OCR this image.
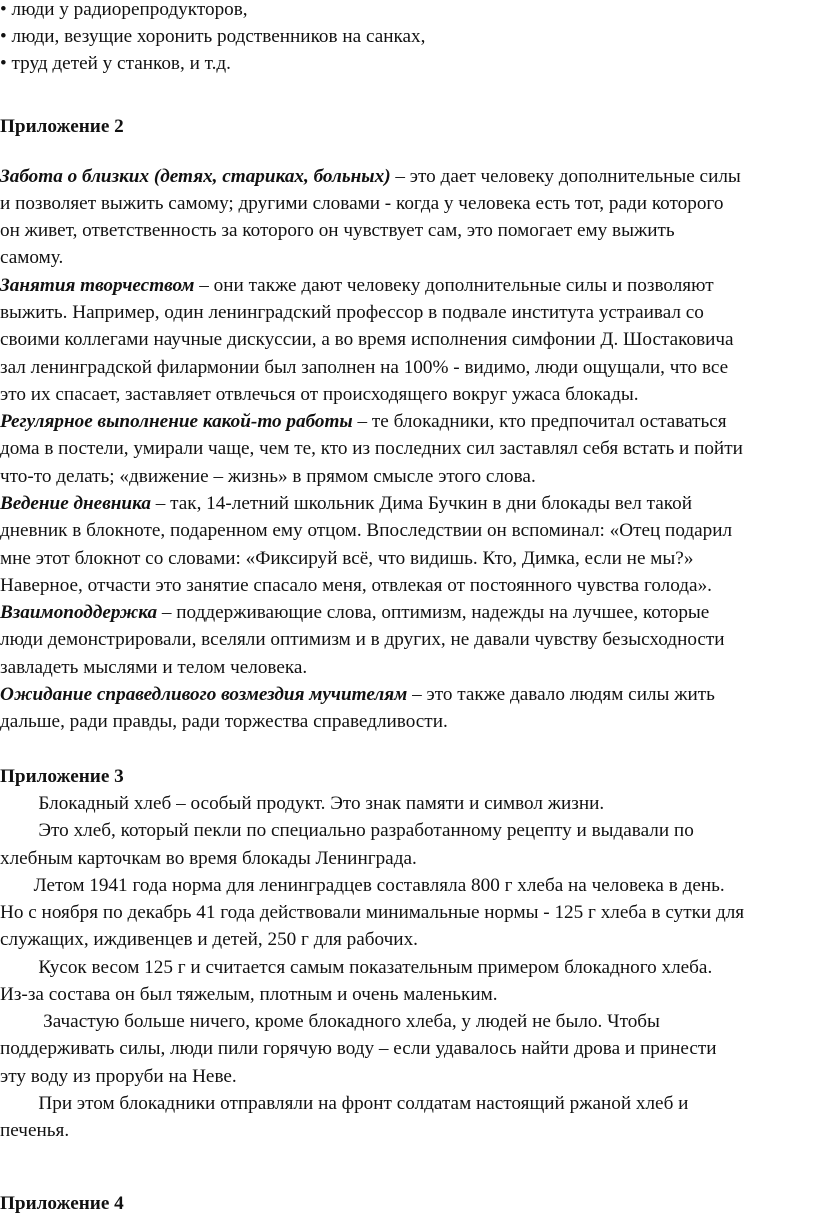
• люди у радиорепродукторов,

• люди, везущие хоронить родственников на санках,

• труд детей у станков, и т.д.

Приложение 2

Забота о близких (детях, стариках, больных) – это дает человеку дополнительные силы

и позволяет выжить самому; другими словами - когда у человека есть тот, ради которого

он живет, ответственность за которого он чувствует сам, это помогает ему выжить

самому.

Занятия творчеством – они также дают человеку дополнительные силы и позволяют

выжить. Например, один ленинградский профессор в подвале института устраивал со

своими коллегами научные дискуссии, а во время исполнения симфонии Д. Шостаковича

зал ленинградской филармонии был заполнен на 100% - видимо, люди ощущали, что все

это их спасает, заставляет отвлечься от происходящего вокруг ужаса блокады.

Регулярное выполнение какой-то работы – те блокадники, кто предпочитал оставаться

дома в постели, умирали чаще, чем те, кто из последних сил заставлял себя встать и пойти

что-то делать; «движение – жизнь» в прямом смысле этого слова.

Ведение дневника – так, 14-летний школьник Дима Бучкин в дни блокады вел такой

дневник в блокноте, подаренном ему отцом. Впоследствии он вспоминал: «Отец подарил

мне этот блокнот со словами: «Фиксируй всё, что видишь. Кто, Димка, если не мы?»

Наверное, отчасти это занятие спасало меня, отвлекая от постоянного чувства голода».

Взаимоподдержка – поддерживающие слова, оптимизм, надежды на лучшее, которые

люди демонстрировали, вселяли оптимизм и в других, не давали чувству безысходности

завладеть мыслями и телом человека.

Ожидание справедливого возмездия мучителям – это также давало людям силы жить

дальше, ради правды, ради торжества справедливости.

Приложение 3

Блокадный хлеб – особый продукт. Это знак памяти и символ жизни.

Это хлеб, который пекли по специально разработанному рецепту и выдавали по

хлебным карточкам во время блокады Ленинграда.

Летом 1941 года норма для ленинградцев составляла 800 г хлеба на человека в день.

Но с ноября по декабрь 41 года действовали минимальные нормы - 125 г хлеба в сутки для

служащих, иждивенцев и детей, 250 г для рабочих.

Кусок весом 125 г и считается самым показательным примером блокадного хлеба.

Из-за состава он был тяжелым, плотным и очень маленьким.

Зачастую больше ничего, кроме блокадного хлеба, у людей не было. Чтобы

поддерживать силы, люди пили горячую воду – если удавалось найти дрова и принести

эту воду из проруби на Неве.

При этом блокадники отправляли на фронт солдатам настоящий ржаной хлеб и

печенья.

Приложение 4
